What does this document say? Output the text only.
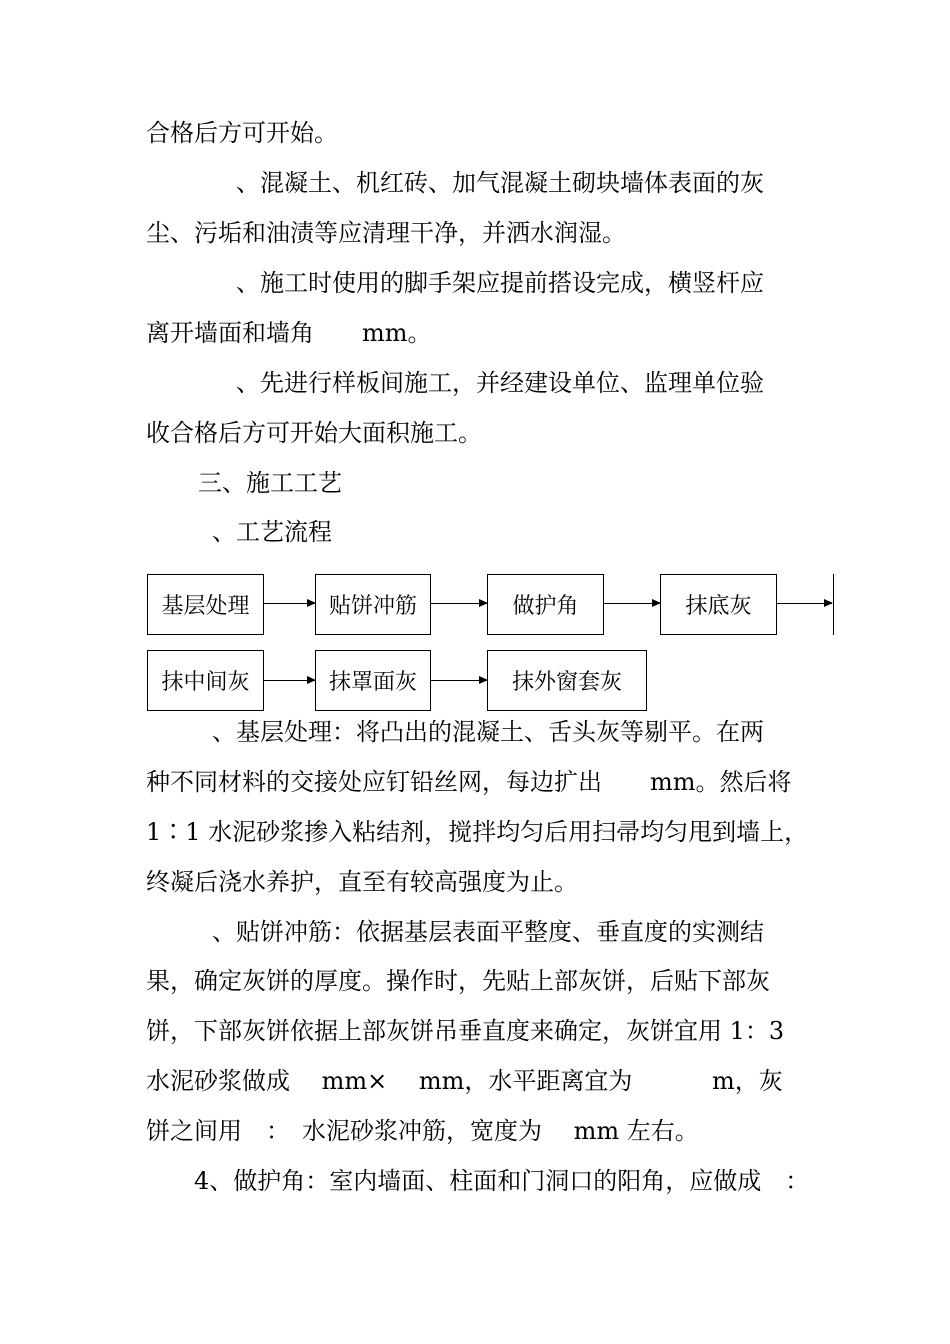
合格后方可开始。
、混凝土、机红砖、加气混凝土砌块墙体表面的灰
尘、污垢和油渍等应清理干净，并洒水润湿。
、施工时使用的脚手架应提前搭设完成，横竖杆应
离开墙面和墙角　　mm。
、先进行样板间施工，并经建设单位、监理单位验
收合格后方可开始大面积施工。
三、施工工艺
、工艺流程
基层处理	贴饼冲筋	做护角	抹底灰
抹中间灰	抹罩面灰	抹外窗套灰
、基层处理：将凸出的混凝土、舌头灰等剔平。在两
种不同材料的交接处应钉铅丝网，每边扩出　　mm。然后将
1∶1 水泥砂浆掺入粘结剂，搅拌均匀后用扫帚均匀甩到墙上，
终凝后浇水养护，直至有较高强度为止。
、贴饼冲筋：依据基层表面平整度、垂直度的实测结
果，确定灰饼的厚度。操作时，先贴上部灰饼，后贴下部灰
饼，下部灰饼依据上部灰饼吊垂直度来确定，灰饼宜用 1：3
水泥砂浆做成　 mm×　 mm，水平距离宜为　　　 m，灰
饼之间用　：　水泥砂浆冲筋，宽度为　 mm 左右。
4、做护角：室内墙面、柱面和门洞口的阳角，应做成　：
